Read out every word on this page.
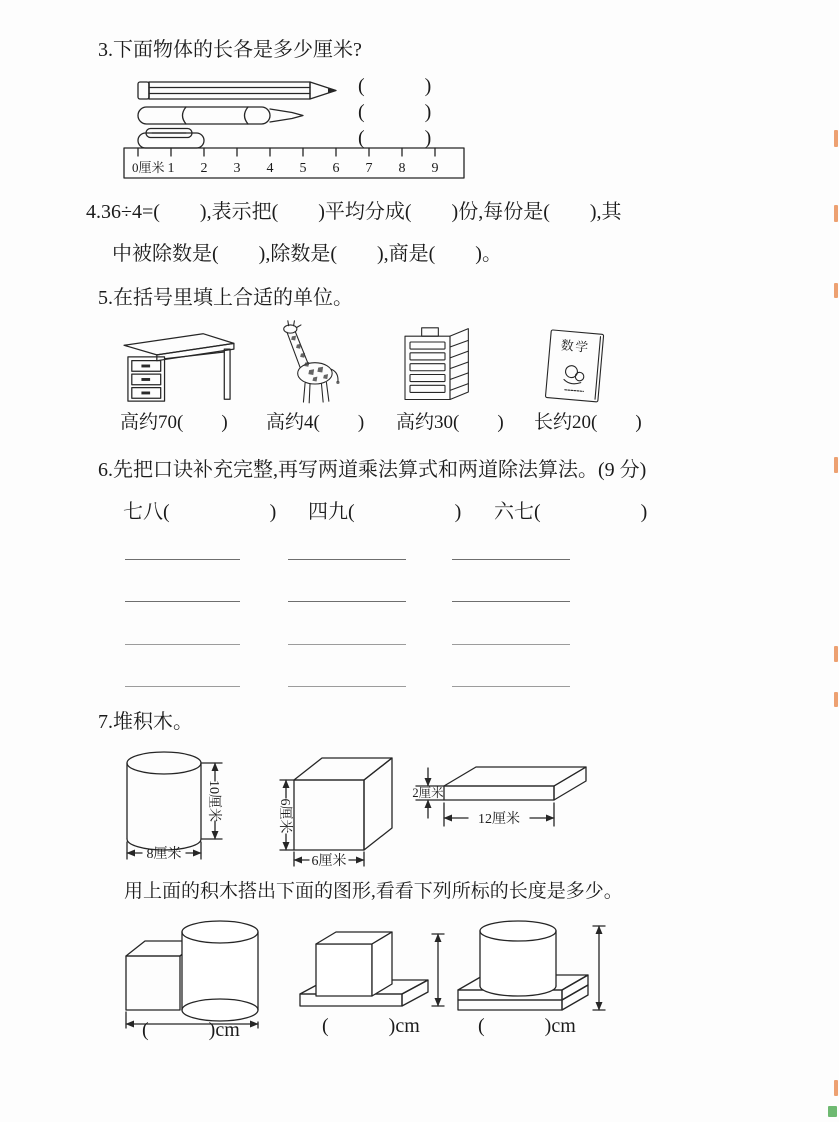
3.下面物体的长各是多少厘米?
0厘米 1 2 3 4 5 6 7 8 9
(　　　)
(　　　)
(　　　)
4.36÷4=(　　),表示把(　　)平均分成(　　)份,每份是(　　),其
中被除数是(　　),除数是(　　),商是(　　)。
5.在括号里填上合适的单位。
数学
高约70(　　) 高约4(　　) 高约30(　　) 长约20(　　)
6.先把口诀补充完整,再写两道乘法算式和两道除法算法。(9 分)
七八(　　　　　) 四九(　　　　　) 六七(　　　　　)
7.堆积木。
10厘米
8厘米
6厘米
6厘米
2厘米
12厘米
用上面的积木搭出下面的图形,看看下列所标的长度是多少。
(　　　)cm	(　　　)cm	(　　　)cm
